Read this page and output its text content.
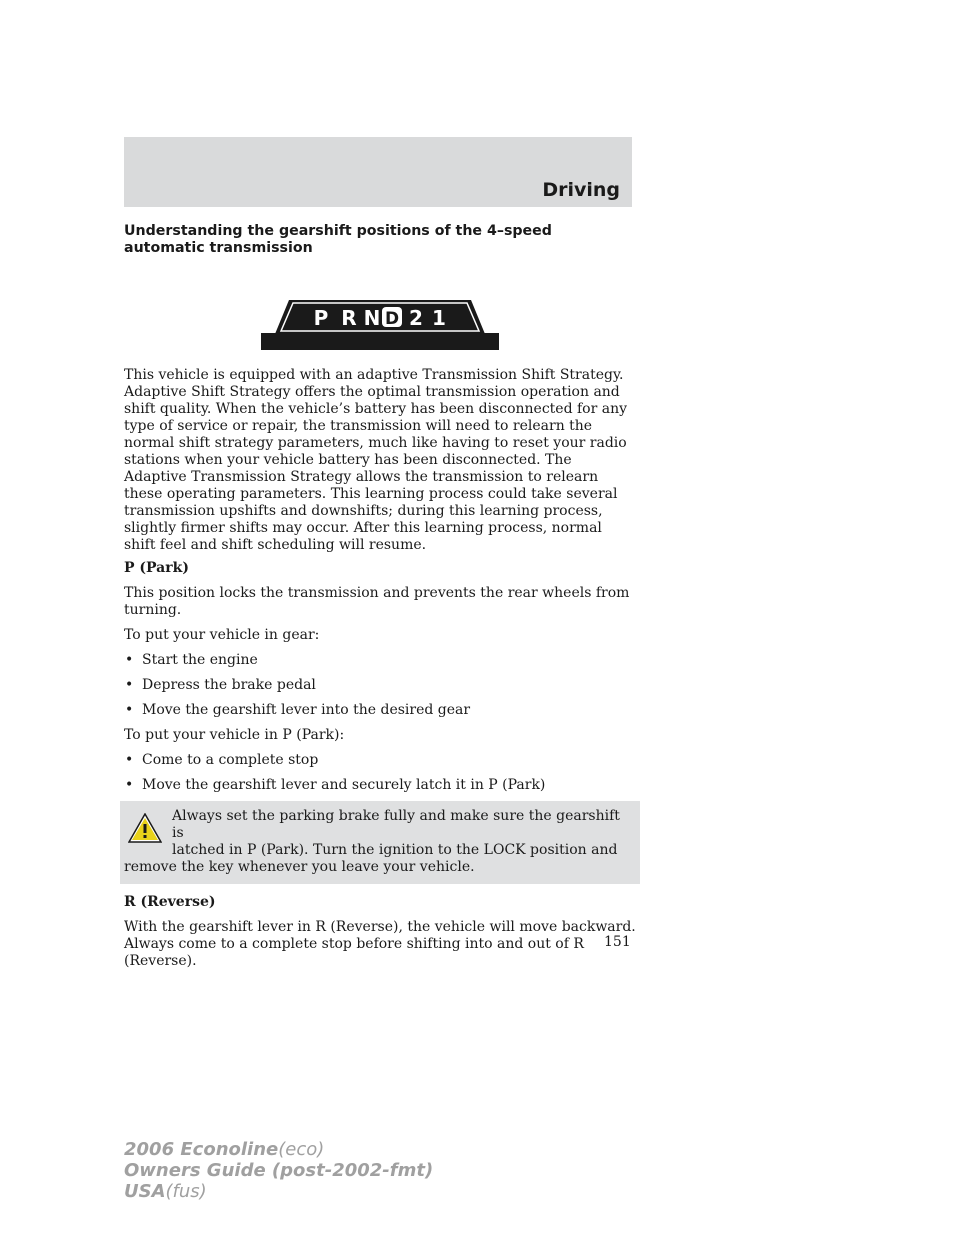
Driving
Understanding the gearshift positions of the 4–speed automatic transmission
P R N D 2 1

This vehicle is equipped with an adaptive Transmission Shift Strategy. Adaptive Shift Strategy offers the optimal transmission operation and shift quality. When the vehicle’s battery has been disconnected for any type of service or repair, the transmission will need to relearn the normal shift strategy parameters, much like having to reset your radio stations when your vehicle battery has been disconnected. The Adaptive Transmission Strategy allows the transmission to relearn these operating parameters. This learning process could take several transmission upshifts and downshifts; during this learning process, slightly firmer shifts may occur. After this learning process, normal shift feel and shift scheduling will resume.

P (Park)

This position locks the transmission and prevents the rear wheels from turning.

To put your vehicle in gear:

• Start the engine
• Depress the brake pedal
• Move the gearshift lever into the desired gear

To put your vehicle in P (Park):

• Come to a complete stop
• Move the gearshift lever and securely latch it in P (Park)
Always set the parking brake fully and make sure the gearshift is
latched in P (Park). Turn the ignition to the LOCK position and
remove the key whenever you leave your vehicle.
R (Reverse)

With the gearshift lever in R (Reverse), the vehicle will move backward. Always come to a complete stop before shifting into and out of R (Reverse).

151
2006 Econoline(eco)
Owners Guide (post-2002-fmt)
USA(fus)
